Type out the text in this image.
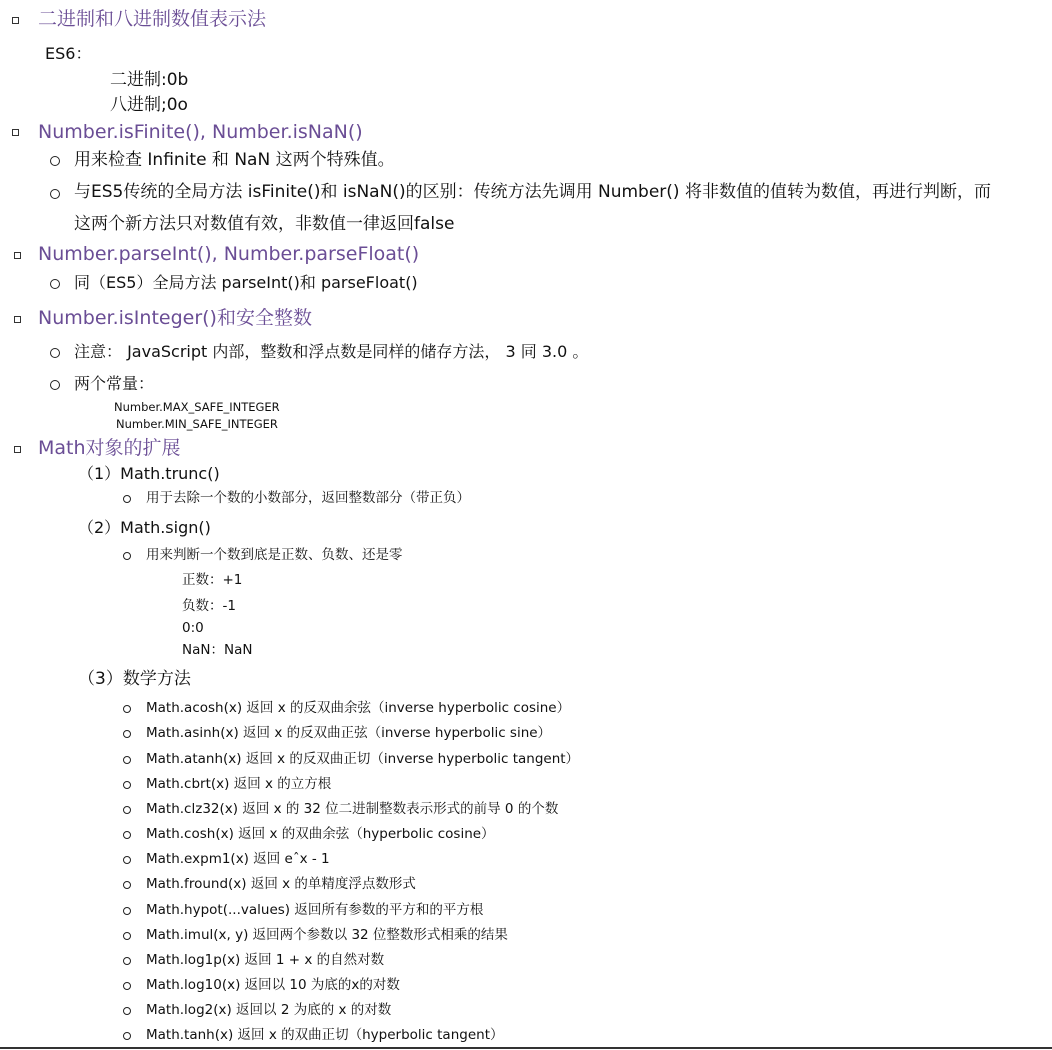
二进制和八进制数值表示法
ES6：
二进制:0b
八进制;0o
Number.isFinite(), Number.isNaN()
用来检查 Infinite 和 NaN 这两个特殊值。
与ES5传统的全局方法 isFinite()和 isNaN()的区别：传统方法先调用 Number() 将非数值的值转为数值，再进行判断，而
这两个新方法只对数值有效，非数值一律返回false
Number.parseInt(), Number.parseFloat()
同（ES5）全局方法 parseInt()和 parseFloat()
Number.isInteger()和安全整数
注意： JavaScript 内部，整数和浮点数是同样的储存方法， 3 同 3.0 。
两个常量：
Number.MAX_SAFE_INTEGER
Number.MIN_SAFE_INTEGER
Math对象的扩展
（1）Math.trunc()
用于去除一个数的小数部分，返回整数部分（带正负）
（2）Math.sign()
用来判断一个数到底是正数、负数、还是零
正数：+1
负数：-1
0:0
NaN：NaN
（3）数学方法
Math.acosh(x) 返回 x 的反双曲余弦（inverse hyperbolic cosine）
Math.asinh(x) 返回 x 的反双曲正弦（inverse hyperbolic sine）
Math.atanh(x) 返回 x 的反双曲正切（inverse hyperbolic tangent）
Math.cbrt(x) 返回 x 的立方根
Math.clz32(x) 返回 x 的 32 位二进制整数表示形式的前导 0 的个数
Math.cosh(x) 返回 x 的双曲余弦（hyperbolic cosine）
Math.expm1(x) 返回 eˆx - 1
Math.fround(x) 返回 x 的单精度浮点数形式
Math.hypot(...values) 返回所有参数的平方和的平方根
Math.imul(x, y) 返回两个参数以 32 位整数形式相乘的结果
Math.log1p(x) 返回 1 + x 的自然对数
Math.log10(x) 返回以 10 为底的x的对数
Math.log2(x) 返回以 2 为底的 x 的对数
Math.tanh(x) 返回 x 的双曲正切（hyperbolic tangent）
